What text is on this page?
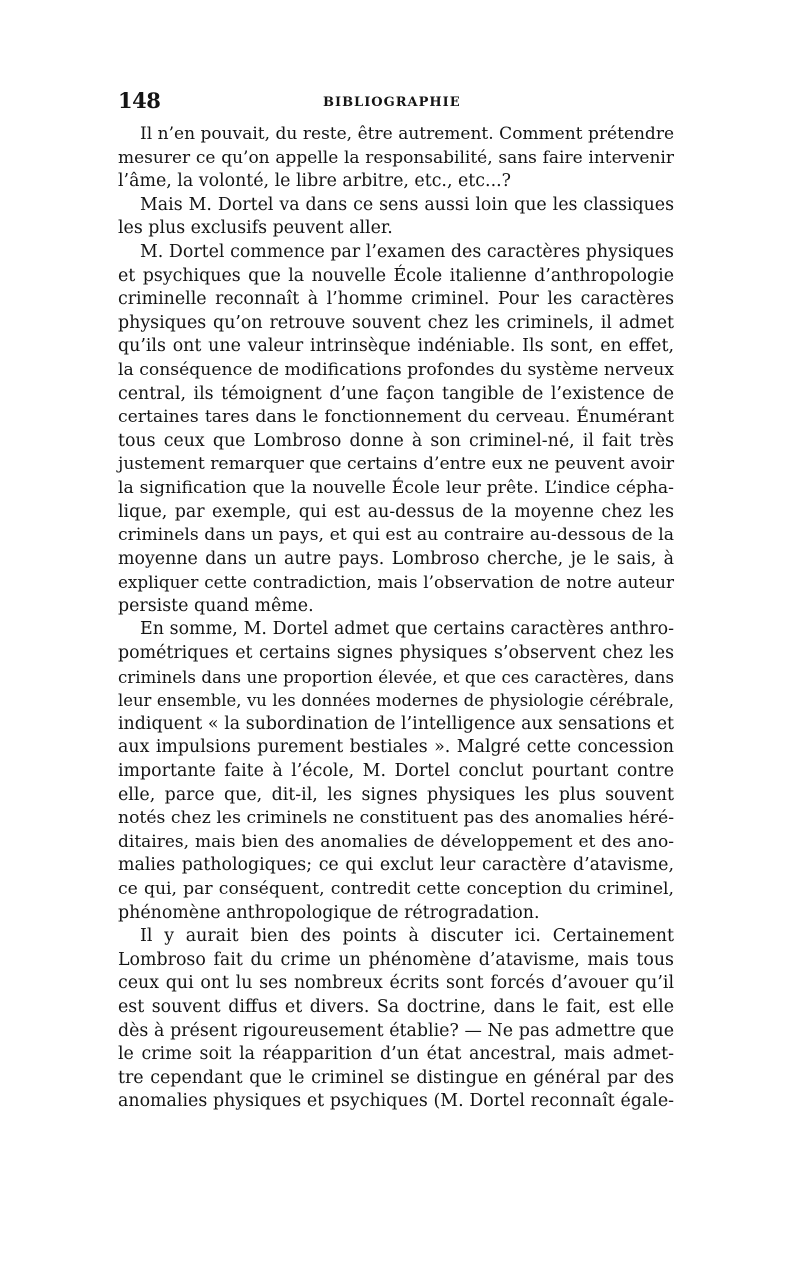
148	BIBLIOGRAPHIE
Il n’en pouvait, du reste, être autrement. Comment prétendre
mesurer ce qu’on appelle la responsabilité, sans faire intervenir
l’âme, la volonté, le libre arbitre, etc., etc...?
Mais M. Dortel va dans ce sens aussi loin que les classiques
les plus exclusifs peuvent aller.
M. Dortel commence par l’examen des caractères physiques
et psychiques que la nouvelle École italienne d’anthropologie
criminelle reconnaît à l’homme criminel. Pour les caractères
physiques qu’on retrouve souvent chez les criminels, il admet
qu’ils ont une valeur intrinsèque indéniable. Ils sont, en effet,
la conséquence de modifications profondes du système nerveux
central, ils témoignent d’une façon tangible de l’existence de
certaines tares dans le fonctionnement du cerveau. Énumérant
tous ceux que Lombroso donne à son criminel-né, il fait très
justement remarquer que certains d’entre eux ne peuvent avoir
la signification que la nouvelle École leur prête. L’indice cépha-
lique, par exemple, qui est au-dessus de la moyenne chez les
criminels dans un pays, et qui est au contraire au-dessous de la
moyenne dans un autre pays. Lombroso cherche, je le sais, à
expliquer cette contradiction, mais l’observation de notre auteur
persiste quand même.
En somme, M. Dortel admet que certains caractères anthro-
pométriques et certains signes physiques s’observent chez les
criminels dans une proportion élevée, et que ces caractères, dans
leur ensemble, vu les données modernes de physiologie cérébrale,
indiquent « la subordination de l’intelligence aux sensations et
aux impulsions purement bestiales ». Malgré cette concession
importante faite à l’école, M. Dortel conclut pourtant contre
elle, parce que, dit-il, les signes physiques les plus souvent
notés chez les criminels ne constituent pas des anomalies héré-
ditaires, mais bien des anomalies de développement et des ano-
malies pathologiques; ce qui exclut leur caractère d’atavisme,
ce qui, par conséquent, contredit cette conception du criminel,
phénomène anthropologique de rétrogradation.
Il y aurait bien des points à discuter ici. Certainement
Lombroso fait du crime un phénomène d’atavisme, mais tous
ceux qui ont lu ses nombreux écrits sont forcés d’avouer qu’il
est souvent diffus et divers. Sa doctrine, dans le fait, est elle
dès à présent rigoureusement établie? — Ne pas admettre que
le crime soit la réapparition d’un état ancestral, mais admet-
tre cependant que le criminel se distingue en général par des
anomalies physiques et psychiques (M. Dortel reconnaît égale-
